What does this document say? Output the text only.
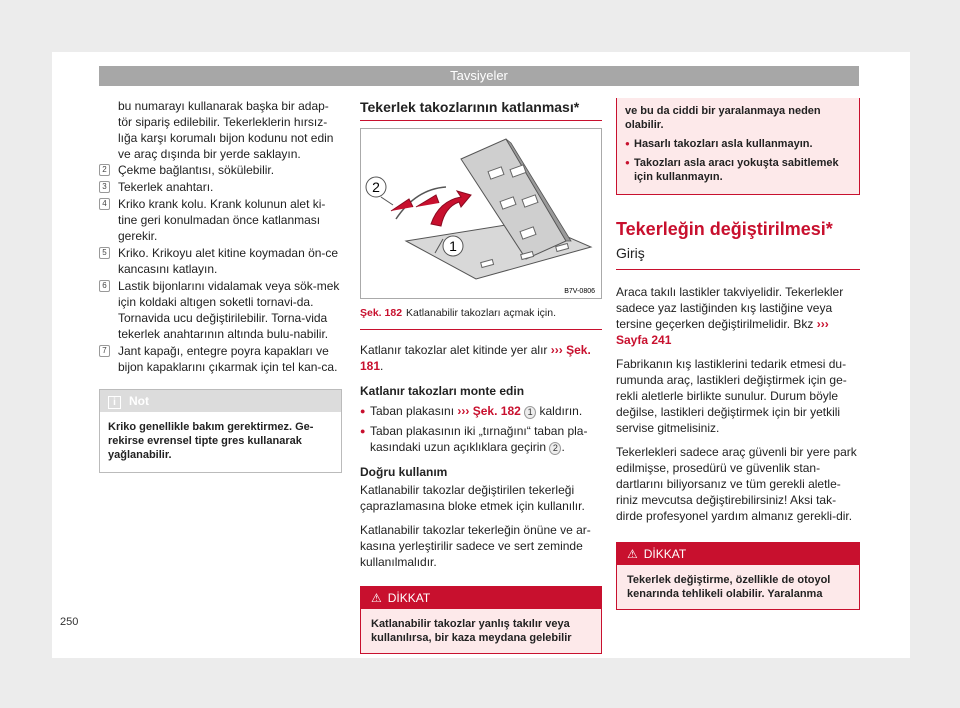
Tavsiyeler
bu numarayı kullanarak başka bir adap-tör sipariş edilebilir. Tekerleklerin hırsız-lığa karşı korumalı bijon kodunu not edin ve araç dışında bir yerde saklayın.
2 Çekme bağlantısı, sökülebilir.
3 Tekerlek anahtarı.
4 Kriko krank kolu. Krank kolunun alet ki-tine geri konulmadan önce katlanması gerekir.
5 Kriko. Krikoyu alet kitine koymadan ön-ce kancasını katlayın.
6 Lastik bijonlarını vidalamak veya sök-mek için koldaki altıgen soketli tornavi-da. Tornavida ucu değiştirilebilir. Torna-vida tekerlek anahtarının altında bulu-nabilir.
7 Jant kapağı, entegre poyra kapakları ve bijon kapaklarını çıkarmak için tel kan-ca.
i Not
Kriko genellikle bakım gerektirmez. Ge-rekirse evrensel tipte gres kullanarak yağlanabilir.
Tekerlek takozlarının katlanması*
2
1
B7V-0806
Şek. 182 Katlanabilir takozları açmak için.
Katlanır takozlar alet kitinde yer alır ››› Şek. 181.
Katlanır takozları monte edin
● Taban plakasını ››› Şek. 182 1 kaldırın.
● Taban plakasının iki „tırnağını“ taban pla-kasındaki uzun açıklıklara geçirin 2 .
Doğru kullanım
Katlanabilir takozlar değiştirilen tekerleği çaprazlamasına bloke etmek için kullanılır.
Katlanabilir takozlar tekerleğin önüne ve ar-kasına yerleştirilir sadece ve sert zeminde kullanılmalıdır.
⚠ DİKKAT
Katlanabilir takozlar yanlış takılır veya kullanılırsa, bir kaza meydana gelebilir
ve bu da ciddi bir yaralanmaya neden olabilir.
● Hasarlı takozları asla kullanmayın.
● Takozları asla aracı yokuşta sabitlemek için kullanmayın.
Tekerleğin değiştirilmesi*
Giriş
Araca takılı lastikler takviyelidir. Tekerlekler sadece yaz lastiğinden kış lastiğine veya tersine geçerken değiştirilmelidir. Bkz ››› Sayfa 241
Fabrikanın kış lastiklerini tedarik etmesi du-rumunda araç, lastikleri değiştirmek için ge-rekli aletlerle birlikte sunulur. Durum böyle değilse, lastikleri değiştirmek için bir yetkili servise gitmelisiniz.
Tekerlekleri sadece araç güvenli bir yere park edilmişse, prosedürü ve güvenlik stan-dartlarını biliyorsanız ve tüm gerekli aletle-riniz mevcutsa değiştirebilirsiniz! Aksi tak-dirde profesyonel yardım almanız gerekli-dir.
⚠ DİKKAT
Tekerlek değiştirme, özellikle de otoyol kenarında tehlikeli olabilir. Yaralanma
250
